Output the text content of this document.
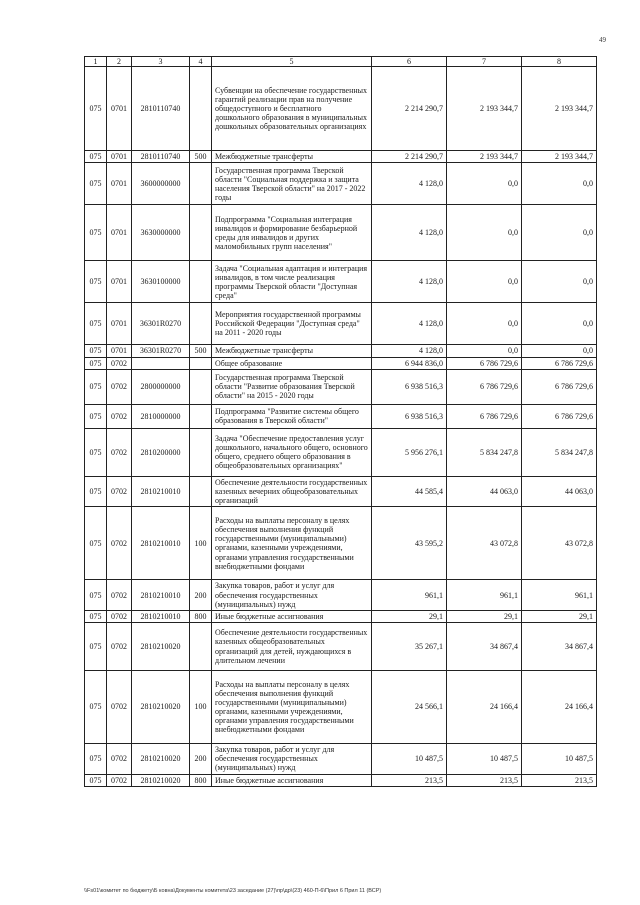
49
1	2	3	4	5	6	7	8
075	0701	2810110740		Субвенции на обеспечение государственных гарантий реализации прав на получение общедоступного и бесплатного дошкольного образования в муниципальных дошкольных образовательных организациях	2 214 290,7	2 193 344,7	2 193 344,7
075	0701	2810110740	500	Межбюджетные трансферты	2 214 290,7	2 193 344,7	2 193 344,7
075	0701	3600000000		Государственная программа Тверской области "Социальная поддержка и защита населения Тверской области" на 2017 - 2022 годы	4 128,0	0,0	0,0
075	0701	3630000000		Подпрограмма "Социальная интеграция инвалидов и формирование безбарьерной среды для инвалидов и других маломобильных групп населения"	4 128,0	0,0	0,0
075	0701	3630100000		Задача "Социальная адаптация и интеграция инвалидов, в том числе реализация программы Тверской области "Доступная среда"	4 128,0	0,0	0,0
075	0701	36301R0270		Мероприятия государственной программы Российской Федерации "Доступная среда" на 2011 - 2020 годы	4 128,0	0,0	0,0
075	0701	36301R0270	500	Межбюджетные трансферты	4 128,0	0,0	0,0
075	0702			Общее образование	6 944 836,0	6 786 729,6	6 786 729,6
075	0702	2800000000		Государственная программа Тверской области "Развитие образования Тверской области" на 2015 - 2020 годы	6 938 516,3	6 786 729,6	6 786 729,6
075	0702	2810000000		Подпрограмма "Развитие системы общего образования в Тверской области"	6 938 516,3	6 786 729,6	6 786 729,6
075	0702	2810200000		Задача "Обеспечение предоставления услуг дошкольного, начального общего, основного общего, среднего общего образования в общеобразовательных организациях"	5 956 276,1	5 834 247,8	5 834 247,8
075	0702	2810210010		Обеспечение деятельности государственных казенных вечерних общеобразовательных организаций	44 585,4	44 063,0	44 063,0
075	0702	2810210010	100	Расходы на выплаты персоналу в целях обеспечения выполнения функций государственными (муниципальными) органами, казенными учреждениями, органами управления государственными внебюджетными фондами	43 595,2	43 072,8	43 072,8
075	0702	2810210010	200	Закупка товаров, работ и услуг для обеспечения государственных (муниципальных) нужд	961,1	961,1	961,1
075	0702	2810210010	800	Иные бюджетные ассигнования	29,1	29,1	29,1
075	0702	2810210020		Обеспечение деятельности государственных казенных общеобразовательных организаций для детей, нуждающихся в длительном лечении	35 267,1	34 867,4	34 867,4
075	0702	2810210020	100	Расходы на выплаты персоналу в целях обеспечения выполнения функций государственными (муниципальными) органами, казенными учреждениями, органами управления государственными внебюджетными фондами	24 566,1	24 166,4	24 166,4
075	0702	2810210020	200	Закупка товаров, работ и услуг для обеспечения государственных (муниципальных) нужд	10 487,5	10 487,5	10 487,5
075	0702	2810210020	800	Иные бюджетные ассигнования	213,5	213,5	213,5
\\Fs01\комитет по бюджету\Б ковна\Документы комитета\23 заседание (27)\пр\др\(23) 460-П-6\Прил 6 Прил 11 (ВСР)
